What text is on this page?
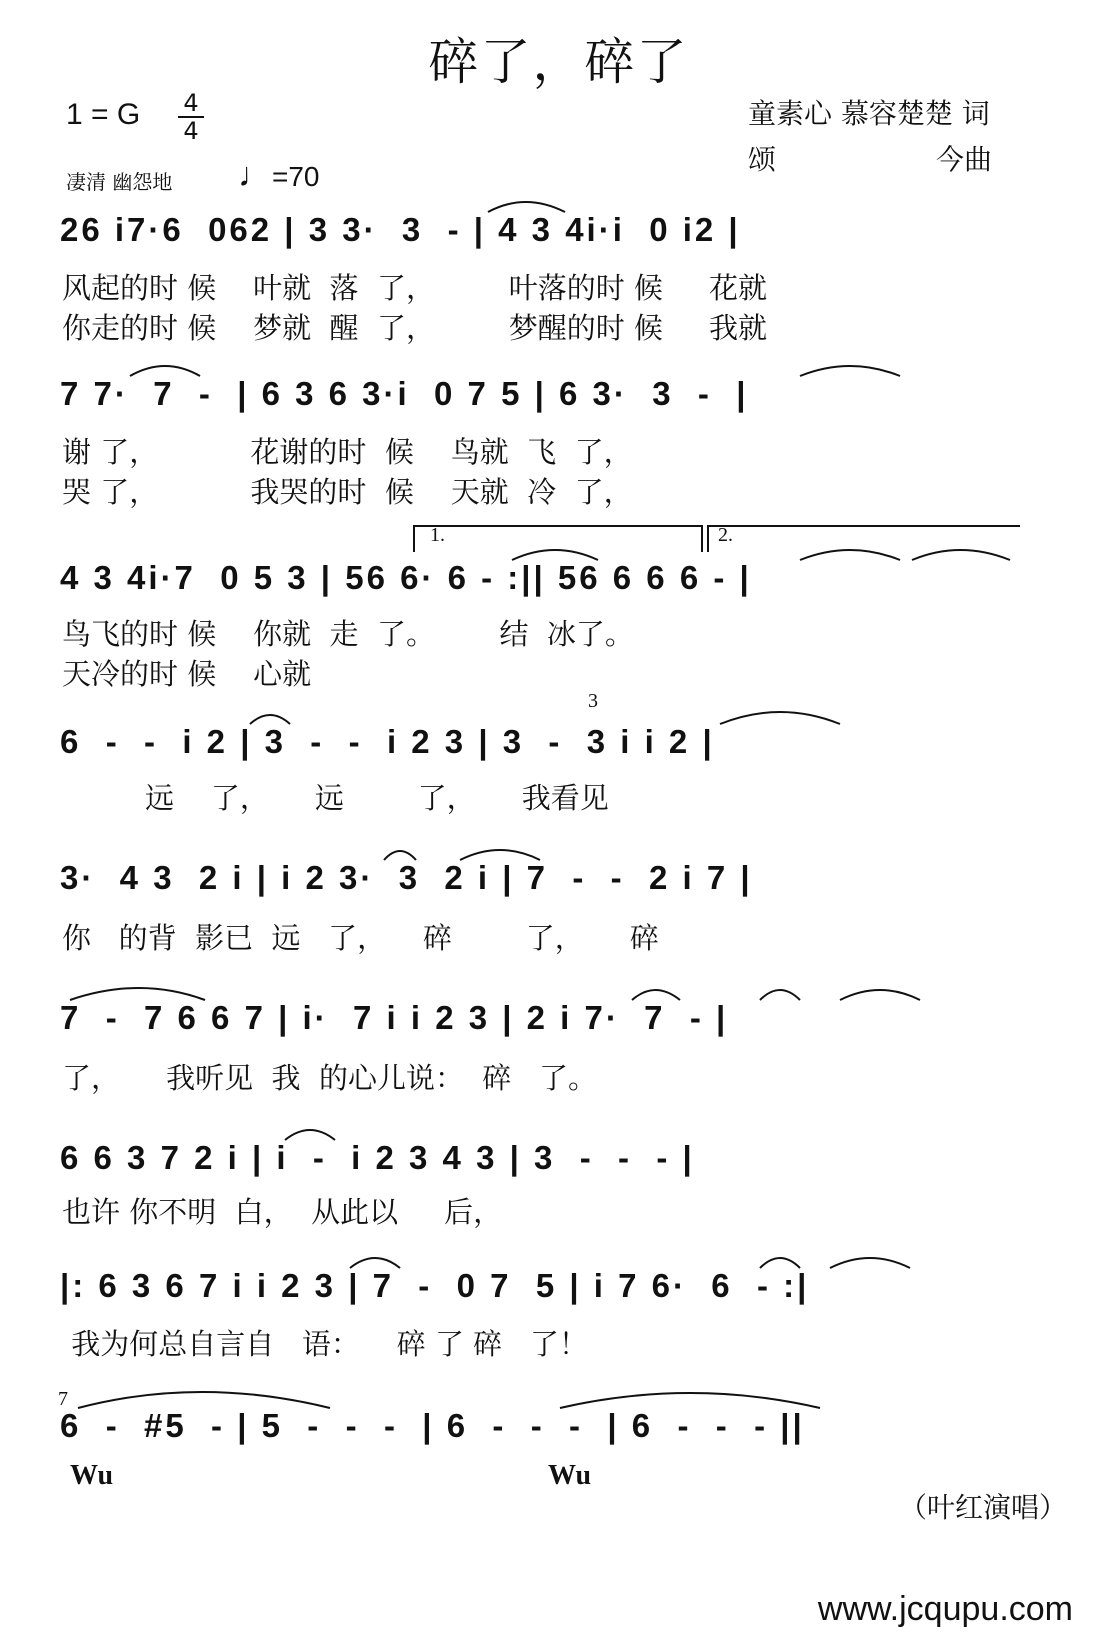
碎了，碎了
1 = G 4
4
凄清 幽怨地 ♩=70
童素心 慕容楚楚 词
颂	今曲
26 i7·6  062 | 3 3·  3  - | 4 3 4i·i  0 i2 |
风起的时 候    叶就  落  了，        叶落的时 候     花就
你走的时 候    梦就  醒  了，        梦醒的时 候     我就
7 7·  7  -  | 6 3 6 3·i  0 7 5 | 6 3·  3  -  |
谢 了，          花谢的时  候    鸟就  飞  了，
哭 了，          我哭的时  候    天就  冷  了，
1.	2.
4 3 4i·7  0 5 3 | 56 6· 6 - :|| 56 6 6 6 - |
鸟飞的时 候    你就  走  了。       结  冰了。
天冷的时 候    心就
3
6  -  -  i 2 | 3  -  -  i 2 3 | 3  -  3 i i 2 |
远    了，     远        了，     我看见
3·  4 3  2 i | i 2 3·  3  2 i | 7  -  -  2 i 7 |
你   的背  影已  远   了，    碎        了，     碎
7  -  7 6 6 7 | i·  7 i i 2 3 | 2 i 7·  7  - |
了，     我听见  我  的心儿说：  碎   了。
6 6 3 7 2 i | i  -  i 2 3 4 3 | 3  -  -  - |
也许 你不明  白，  从此以     后，
|: 6 3 6 7 i i 2 3 | 7  -  0 7  5 | i 7 6·  6  - :|
我为何总自言自   语：    碎 了 碎   了！
7
6  -  #5  - | 5  -  -  -  | 6  -  -  -  | 6  -  -  - ||
Wu	Wu
（叶红演唱）
www.jcqupu.com
